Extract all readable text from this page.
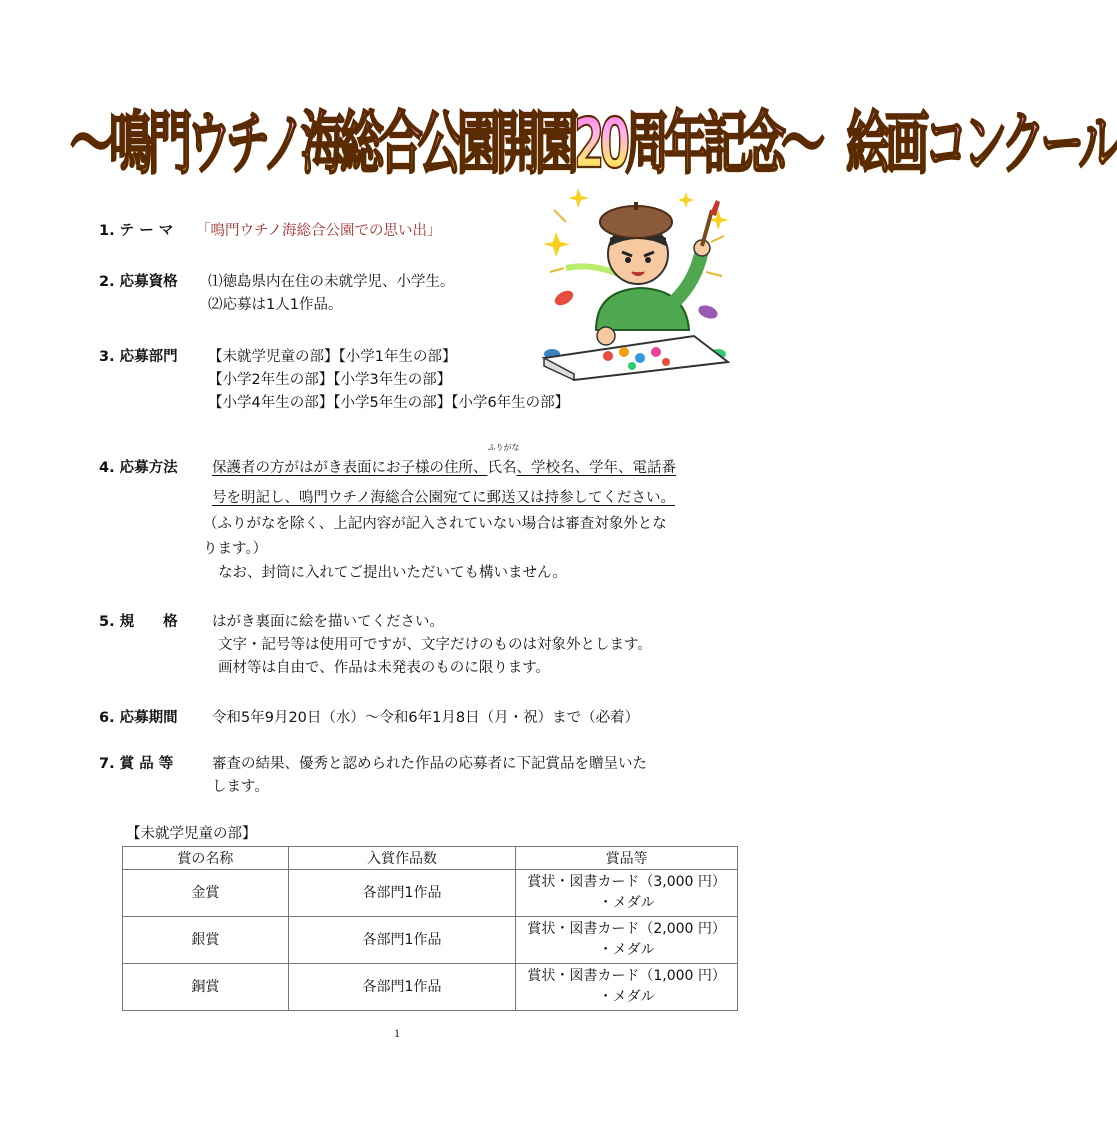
～鳴門ウチノ海総合公園開園20周年記念～ 絵画コンクール
1. テ ー マ 「鳴門ウチノ海総合公園での思い出」
2. 応募資格 ⑴徳島県内在住の未就学児、小学生。
⑵応募は1人1作品。
3. 応募部門 【未就学児童の部】【小学1年生の部】
【小学2年生の部】【小学3年生の部】
【小学4年生の部】【小学5年生の部】【小学6年生の部】
4. 応募方法 保護者の方がはがき表面にお子様の住所、
ふりがな
氏名、学校名、学年、電話番
号を明記し、鳴門ウチノ海総合公園宛てに郵送又は持参してください。
（ふりがなを除く、上記内容が記入されていない場合は審査対象外とな
ります。）
なお、封筒に入れてご提出いただいても構いません。
5. 規　　格 はがき裏面に絵を描いてください。
文字・記号等は使用可ですが、文字だけのものは対象外とします。
画材等は自由で、作品は未発表のものに限ります。
6. 応募期間 令和5年9月20日（水）～令和6年1月8日（月・祝）まで（必着）
7. 賞 品 等	審査の結果、優秀と認められた作品の応募者に下記賞品を贈呈いた
します。
【未就学児童の部】
賞の名称	入賞作品数	賞品等
金賞	各部門1作品	賞状・図書カード（3,000 円）
・メダル

銀賞	各部門1作品	賞状・図書カード（2,000 円）
・メダル

銅賞	各部門1作品	賞状・図書カード（1,000 円）
・メダル
1
